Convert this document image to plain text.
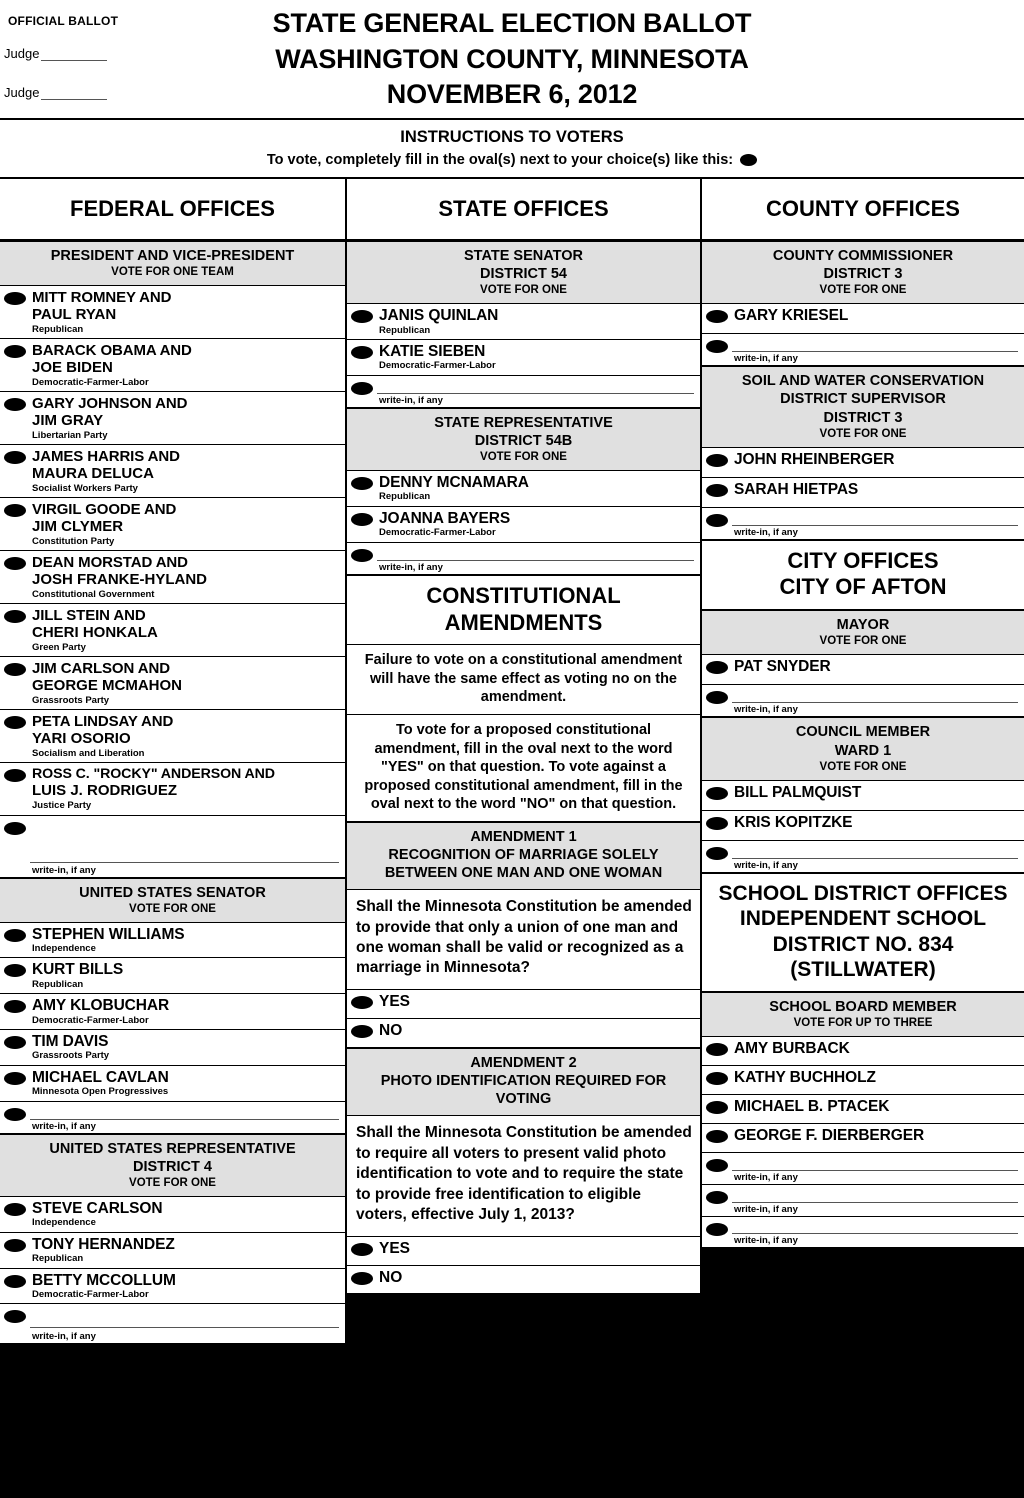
OFFICIAL BALLOT
Judge
Judge
STATE GENERAL ELECTION BALLOT
WASHINGTON COUNTY, MINNESOTA
NOVEMBER 6, 2012
INSTRUCTIONS TO VOTERS
To vote, completely fill in the oval(s) next to your choice(s) like this:
FEDERAL OFFICES
PRESIDENT AND VICE-PRESIDENT
VOTE FOR ONE TEAM
MITT ROMNEY AND
PAUL RYAN
Republican
BARACK OBAMA AND
JOE BIDEN
Democratic-Farmer-Labor
GARY JOHNSON AND
JIM GRAY
Libertarian Party
JAMES HARRIS AND
MAURA DELUCA
Socialist Workers Party
VIRGIL GOODE AND
JIM CLYMER
Constitution Party
DEAN MORSTAD AND
JOSH FRANKE-HYLAND
Constitutional Government
JILL STEIN AND
CHERI HONKALA
Green Party
JIM CARLSON AND
GEORGE MCMAHON
Grassroots Party
PETA LINDSAY AND
YARI OSORIO
Socialism and Liberation
ROSS C. "ROCKY" ANDERSON AND
LUIS J. RODRIGUEZ
Justice Party
write-in, if any
UNITED STATES SENATOR
VOTE FOR ONE
STEPHEN WILLIAMS
Independence
KURT BILLS
Republican
AMY KLOBUCHAR
Democratic-Farmer-Labor
TIM DAVIS
Grassroots Party
MICHAEL CAVLAN
Minnesota Open Progressives
write-in, if any
UNITED STATES REPRESENTATIVE
DISTRICT 4
VOTE FOR ONE
STEVE CARLSON
Independence
TONY HERNANDEZ
Republican
BETTY MCCOLLUM
Democratic-Farmer-Labor
write-in, if any
STATE OFFICES
STATE SENATOR
DISTRICT 54
VOTE FOR ONE
JANIS QUINLAN
Republican
KATIE SIEBEN
Democratic-Farmer-Labor
write-in, if any
STATE REPRESENTATIVE
DISTRICT 54B
VOTE FOR ONE
DENNY MCNAMARA
Republican
JOANNA BAYERS
Democratic-Farmer-Labor
write-in, if any
CONSTITUTIONAL
AMENDMENTS
Failure to vote on a constitutional amendment will have the same effect as voting no on the amendment.
To vote for a proposed constitutional amendment, fill in the oval next to the word "YES" on that question. To vote against a proposed constitutional amendment, fill in the oval next to the word "NO" on that question.
AMENDMENT 1
RECOGNITION OF MARRIAGE SOLELY
BETWEEN ONE MAN AND ONE WOMAN
Shall the Minnesota Constitution be amended to provide that only a union of one man and one woman shall be valid or recognized as a marriage in Minnesota?
YES
NO
AMENDMENT 2
PHOTO IDENTIFICATION REQUIRED FOR
VOTING
Shall the Minnesota Constitution be amended to require all voters to present valid photo identification to vote and to require the state to provide free identification to eligible voters, effective July 1, 2013?
YES
NO
COUNTY OFFICES
COUNTY COMMISSIONER
DISTRICT 3
VOTE FOR ONE
GARY KRIESEL
write-in, if any
SOIL AND WATER CONSERVATION
DISTRICT SUPERVISOR
DISTRICT 3
VOTE FOR ONE
JOHN RHEINBERGER
SARAH HIETPAS
write-in, if any
CITY OFFICES
CITY OF AFTON
MAYOR
VOTE FOR ONE
PAT SNYDER
write-in, if any
COUNCIL MEMBER
WARD 1
VOTE FOR ONE
BILL PALMQUIST
KRIS KOPITZKE
write-in, if any
SCHOOL DISTRICT OFFICES
INDEPENDENT SCHOOL
DISTRICT NO. 834
(STILLWATER)
SCHOOL BOARD MEMBER
VOTE FOR UP TO THREE
AMY BURBACK
KATHY BUCHHOLZ
MICHAEL B. PTACEK
GEORGE F. DIERBERGER
write-in, if any
write-in, if any
write-in, if any
